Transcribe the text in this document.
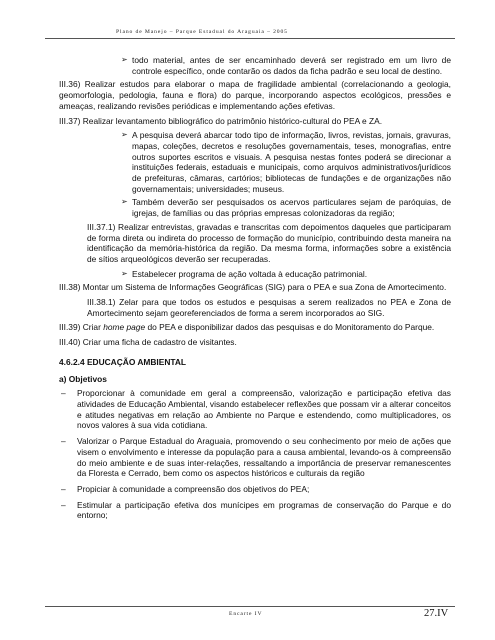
Plano de Manejo – Parque Estadual do Araguaia – 2005
➢ todo material, antes de ser encaminhado deverá ser registrado em um livro de controle específico, onde contarão os dados da ficha padrão e seu local de destino.

III.36) Realizar estudos para elaborar o mapa de fragilidade ambiental (correlacionando a geologia, geomorfologia, pedologia, fauna e flora) do parque, incorporando aspectos ecológicos, pressões e ameaças, realizando revisões periódicas e implementando ações efetivas.

III.37) Realizar levantamento bibliográfico do patrimônio histórico-cultural do PEA e ZA.

➢ A pesquisa deverá abarcar todo tipo de informação, livros, revistas, jornais, gravuras, mapas, coleções, decretos e resoluções governamentais, teses, monografias, entre outros suportes escritos e visuais. A pesquisa nestas fontes poderá se direcionar a instituições federais, estaduais e municipais, como arquivos administrativos/jurídicos de prefeituras, câmaras, cartórios; bibliotecas de fundações e de organizações não governamentais; universidades; museus.
➢ Também deverão ser pesquisados os acervos particulares sejam de paróquias, de igrejas, de famílias ou das próprias empresas colonizadoras da região;

III.37.1) Realizar entrevistas, gravadas e transcritas com depoimentos daqueles que participaram de forma direta ou indireta do processo de formação do município, contribuindo desta maneira na identificação da memória-histórica da região. Da mesma forma, informações sobre a existência de sítios arqueológicos deverão ser recuperadas.

➢ Estabelecer programa de ação voltada à educação patrimonial.

III.38) Montar um Sistema de Informações Geográficas (SIG) para o PEA e sua Zona de Amortecimento.

III.38.1) Zelar para que todos os estudos e pesquisas a serem realizados no PEA e Zona de Amortecimento sejam georeferenciados de forma a serem incorporados ao SIG.

III.39) Criar home page do PEA e disponibilizar dados das pesquisas e do Monitoramento do Parque.

III.40) Criar uma ficha de cadastro de visitantes.

4.6.2.4 EDUCAÇÃO AMBIENTAL
a) Objetivos
– Proporcionar à comunidade em geral a compreensão, valorização e participação efetiva das atividades de Educação Ambiental, visando estabelecer reflexões que possam vir a alterar conceitos e atitudes negativas em relação ao Ambiente no Parque e estendendo, como multiplicadores, os novos valores à sua vida cotidiana.
– Valorizar o Parque Estadual do Araguaia, promovendo o seu conhecimento por meio de ações que visem o envolvimento e interesse da população para a causa ambiental, levando-os à compreensão do meio ambiente e de suas inter-relações, ressaltando a importância de preservar remanescentes da Floresta e Cerrado, bem como os aspectos históricos e culturais da região
– Propiciar à comunidade a compreensão dos objetivos do PEA;
– Estimular a participação efetiva dos munícipes em programas de conservação do Parque e do entorno;
Encarte IV	27.IV
